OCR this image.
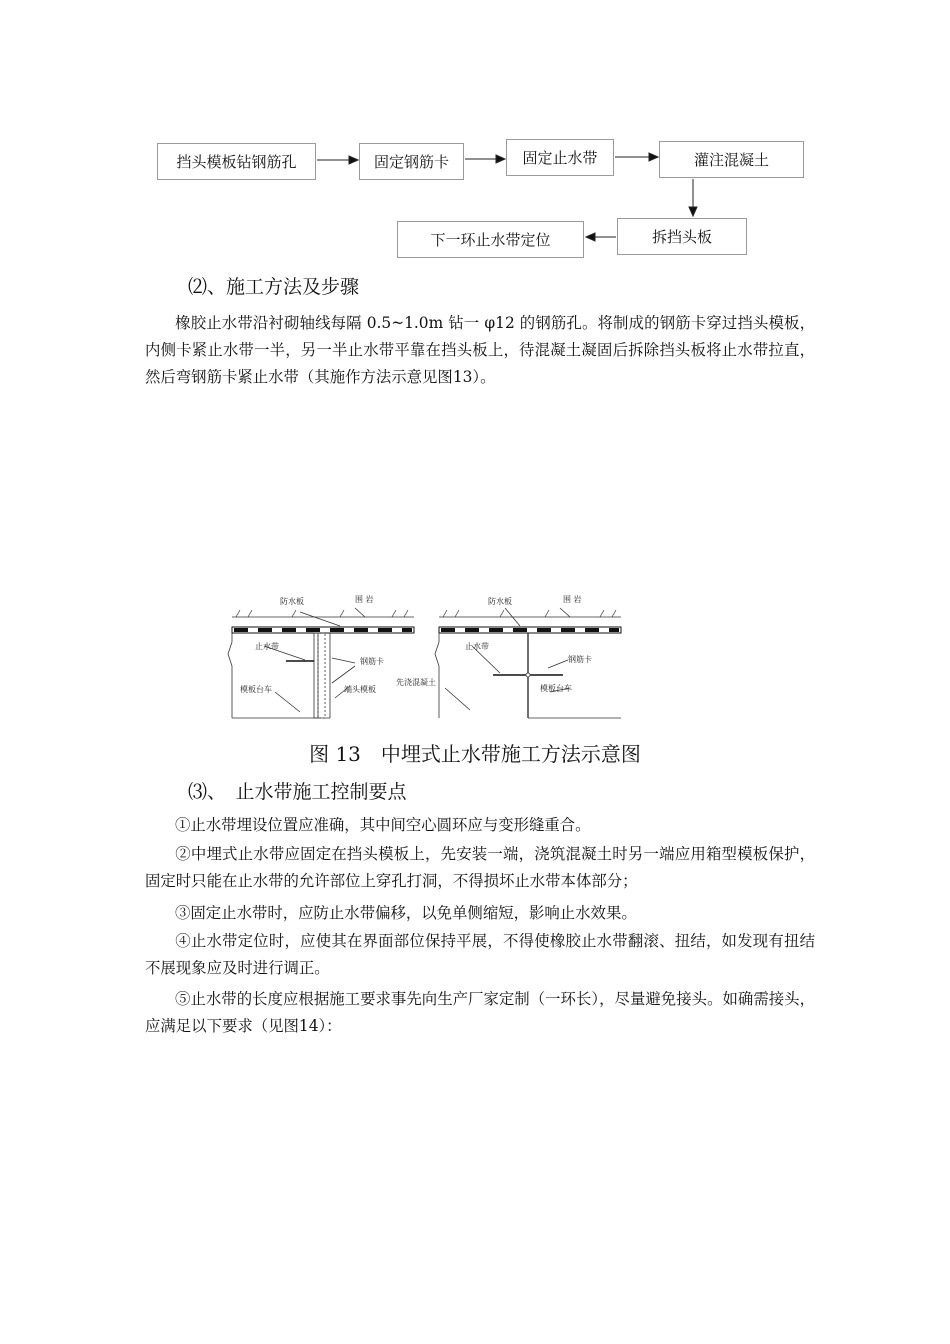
挡头模板钻钢筋孔	固定钢筋卡	固定止水带	灌注混凝土
拆挡头板
下一环止水带定位
⑵、施工方法及步骤
橡胶止水带沿衬砌轴线每隔 0.5~1.0m 钻一 φ12 的钢筋孔。将制成的钢筋卡穿过挡头模板，内侧卡紧止水带一半，另一半止水带平靠在挡头板上，待混凝土凝固后拆除挡头板将止水带拉直，然后弯钢筋卡紧止水带（其施作方法示意见图13）。
防水板	围 岩
止水带
钢筋卡
端头模板
模板台车
防水板	围 岩
止水带
钢筋卡
先浇混凝土
模板台车
图 13　中埋式止水带施工方法示意图
⑶、　止水带施工控制要点
①止水带埋设位置应准确，其中间空心圆环应与变形缝重合。
②中埋式止水带应固定在挡头模板上，先安装一端，浇筑混凝土时另一端应用箱型模板保护，固定时只能在止水带的允许部位上穿孔打洞，不得损坏止水带本体部分；
③固定止水带时，应防止水带偏移，以免单侧缩短，影响止水效果。
④止水带定位时，应使其在界面部位保持平展，不得使橡胶止水带翻滚、扭结，如发现有扭结不展现象应及时进行调正。
⑤止水带的长度应根据施工要求事先向生产厂家定制（一环长），尽量避免接头。如确需接头，应满足以下要求（见图14）：
